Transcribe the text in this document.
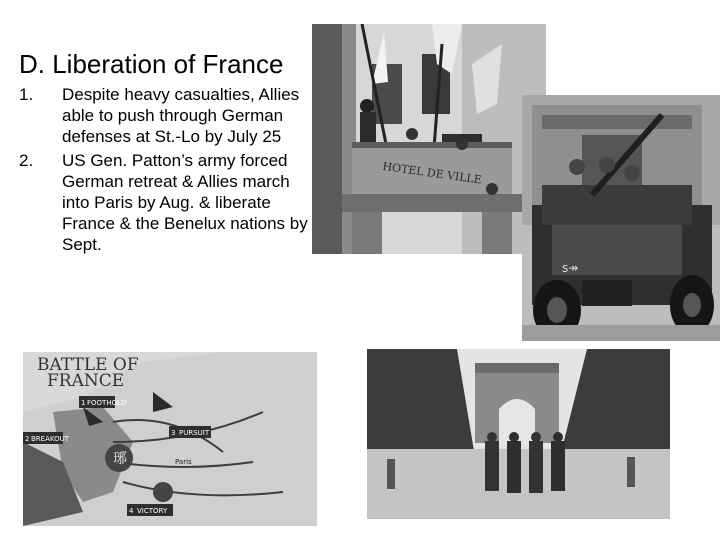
D. Liberation of France
1. Despite heavy casualties, Allies able to push through German defenses at St.-Lo by July 25
2. US Gen. Patton’s army forced German retreat & Allies march into Paris by Aug. & liberate France & the Benelux nations by Sept.
HOTEL DE VILLE
s↠
琊
BATTLE OF
FRANCE
1 FOOTHOLD
2 BREAKOUT
3 PURSUIT
Paris
4 VICTORY
